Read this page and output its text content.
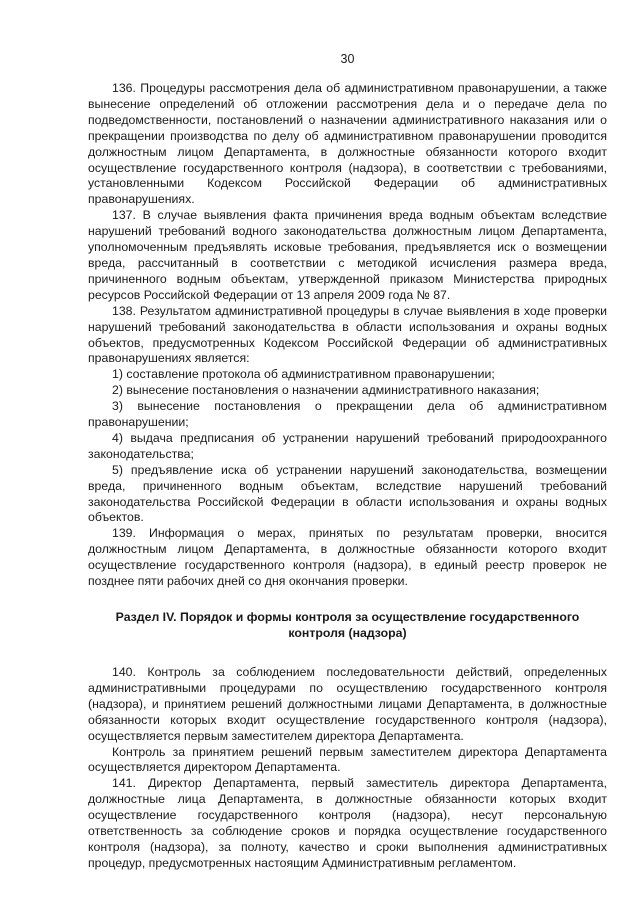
30

136. Процедуры рассмотрения дела об административном правонарушении, а также вынесение определений об отложении рассмотрения дела и о передаче дела по подведомственности, постановлений о назначении административного наказания или о прекращении производства по делу об административном правонарушении проводится должностным лицом Департамента, в должностные обязанности которого входит осуществление государственного контроля (надзора), в соответствии с требованиями, установленными Кодексом Российской Федерации об административных правонарушениях.

137. В случае выявления факта причинения вреда водным объектам вследствие нарушений требований водного законодательства должностным лицом Департамента, уполномоченным предъявлять исковые требования, предъявляется иск о возмещении вреда, рассчитанный в соответствии с методикой исчисления размера вреда, причиненного водным объектам, утвержденной приказом Министерства природных ресурсов Российской Федерации от 13 апреля 2009 года № 87.

138. Результатом административной процедуры в случае выявления в ходе проверки нарушений требований законодательства в области использования и охраны водных объектов, предусмотренных Кодексом Российской Федерации об административных правонарушениях является:

1) составление протокола об административном правонарушении;

2) вынесение постановления о назначении административного наказания;

3) вынесение постановления о прекращении дела об административном правонарушении;

4) выдача предписания об устранении нарушений требований природоохранного законодательства;

5) предъявление иска об устранении нарушений законодательства, возмещении вреда, причиненного водным объектам, вследствие нарушений требований законодательства Российской Федерации в области использования и охраны водных объектов.

139. Информация о мерах, принятых по результатам проверки, вносится должностным лицом Департамента, в должностные обязанности которого входит осуществление государственного контроля (надзора), в единый реестр проверок не позднее пяти рабочих дней со дня окончания проверки.

Раздел IV. Порядок и формы контроля за осуществление государственного
контроля (надзора)

140. Контроль за соблюдением последовательности действий, определенных административными процедурами по осуществлению государственного контроля (надзора), и принятием решений должностными лицами Департамента, в должностные обязанности которых входит осуществление государственного контроля (надзора), осуществляется первым заместителем директора Департамента.

Контроль за принятием решений первым заместителем директора Департамента осуществляется директором Департамента.

141. Директор Департамента, первый заместитель директора Департамента, должностные лица Департамента, в должностные обязанности которых входит осуществление государственного контроля (надзора), несут персональную ответственность за соблюдение сроков и порядка осуществление государственного контроля (надзора), за полноту, качество и сроки выполнения административных процедур, предусмотренных настоящим Административным регламентом.
